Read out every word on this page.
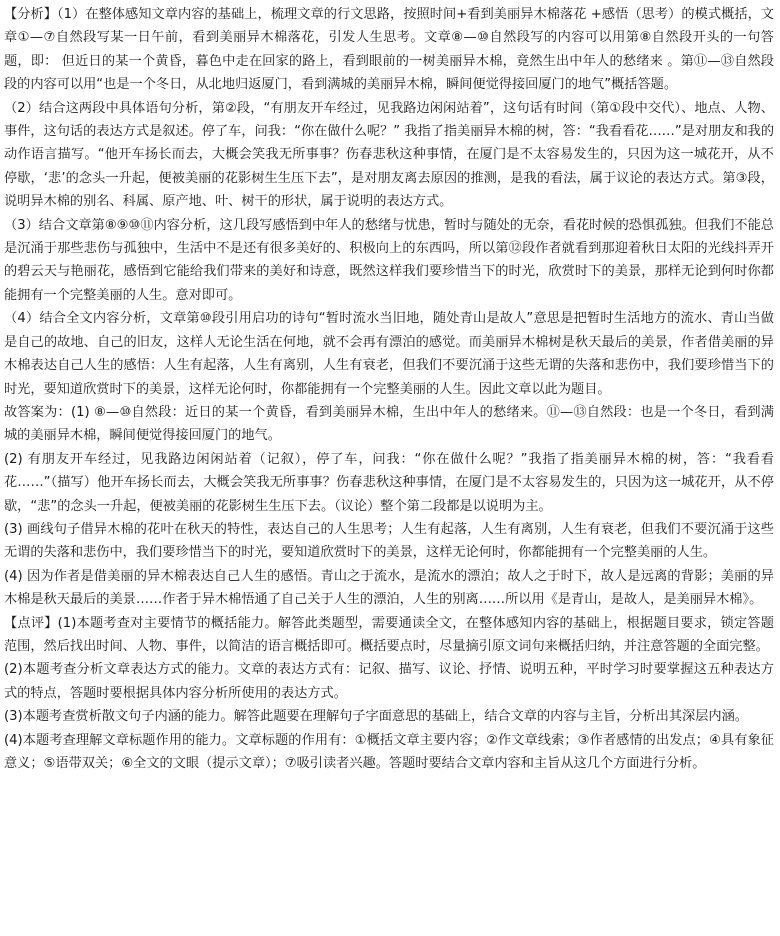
【分析】（1）在整体感知文章内容的基础上，梳理文章的行文思路，按照时间+看到美丽异木棉落花 +感悟（思考）的模式概括，文章①—⑦自然段写某一日午前，看到美丽异木棉落花，引发人生思考。文章⑧—⑩自然段写的内容可以用第⑧自然段开头的一句答题，即： 但近日的某一个黄昏，暮色中走在回家的路上，看到眼前的一树美丽异木棉，竟然生出中年人的愁绪来 。第⑪—⑬自然段段的内容可以用“也是一个冬日，从北地归返厦门，看到满城的美丽异木棉，瞬间便觉得接回厦门的地气”概括答题。

（2）结合这两段中具体语句分析，第②段，“有朋友开车经过，见我路边闲闲站着”，这句话有时间（第①段中交代）、地点、人物、事件，这句话的表达方式是叙述。停了车，问我：“你在做什么呢？” 我指了指美丽异木棉的树，答：“我看看花……”是对朋友和我的动作语言描写。“他开车扬长而去，大概会笑我无所事事？伤春悲秋这种事情，在厦门是不太容易发生的，只因为这一城花开，从不停歇，‘悲’的念头一升起，便被美丽的花影树生生压下去”，是对朋友离去原因的推测，是我的看法，属于议论的表达方式。第③段，说明异木棉的别名、科属、原产地、叶、树干的形状，属于说明的表达方式。

（3）结合文章第⑧⑨⑩⑪内容分析，这几段写感悟到中年人的愁绪与忧患，暂时与随处的无奈，看花时候的恐惧孤独。但我们不能总是沉涌于那些悲伤与孤独中，生活中不是还有很多美好的、积极向上的东西吗，所以第⑫段作者就看到那迎着秋日太阳的光线抖弄开的碧云天与艳丽花，感悟到它能给我们带来的美好和诗意，既然这样我们要珍惜当下的时光，欣赏时下的美景，那样无论到何时你都能拥有一个完整美丽的人生。意对即可。

（4）结合全文内容分析，文章第⑩段引用启功的诗句“暂时流水当旧地，随处青山是故人”意思是把暂时生活地方的流水、青山当做是自己的故地、自己的旧友，这样人无论生活在何地，就不会再有漂泊的感觉。而美丽异木棉树是秋天最后的美景，作者借美丽的异木棉表达自己人生的感悟：人生有起落，人生有离别，人生有衰老，但我们不要沉涌于这些无谓的失落和悲伤中，我们要珍惜当下的时光，要知道欣赏时下的美景，这样无论何时，你都能拥有一个完整美丽的人生。因此文章以此为题目。

故答案为：(1) ⑧—⑩自然段：近日的某一个黄昏，看到美丽异木棉，生出中年人的愁绪来。⑪—⑬自然段：也是一个冬日，看到满城的美丽异木棉，瞬间便觉得接回厦门的地气。

(2) 有朋友开车经过，见我路边闲闲站着（记叙），停了车，问我：“你在做什么呢？”我指了指美丽异木棉的树，答：“我看看花……”（描写）他开车扬长而去，大概会笑我无所事事？伤春悲秋这种事情，在厦门是不太容易发生的，只因为这一城花开，从不停歇，“悲”的念头一升起，便被美丽的花影树生生压下去。（议论）整个第二段都是以说明为主。

(3) 画线句子借异木棉的花叶在秋天的特性，表达自己的人生思考；人生有起落，人生有离别，人生有衰老，但我们不要沉涌于这些无谓的失落和悲伤中，我们要珍惜当下的时光，要知道欣赏时下的美景，这样无论何时，你都能拥有一个完整美丽的人生。

(4) 因为作者是借美丽的异木棉表达自己人生的感悟。青山之于流水，是流水的漂泊；故人之于时下，故人是远离的背影；美丽的异木棉是秋天最后的美景……作者于异木棉悟通了自己关于人生的漂泊，人生的别离……所以用《是青山，是故人，是美丽异木棉》。

【点评】(1)本题考查对主要情节的概括能力。解答此类题型，需要通读全文，在整体感知内容的基础上，根据题目要求，锁定答题范围，然后找出时间、人物、事件，以简洁的语言概括即可。概括要点时，尽量摘引原文词句来概括归纳，并注意答题的全面完整。

(2)本题考查分析文章表达方式的能力。文章的表达方式有：记叙、描写、议论、抒情、说明五种，平时学习时要掌握这五种表达方式的特点，答题时要根据具体内容分析所使用的表达方式。

(3)本题考查赏析散文句子内涵的能力。解答此题要在理解句子字面意思的基础上，结合文章的内容与主旨，分析出其深层内涵。

(4)本题考查理解文章标题作用的能力。文章标题的作用有：①概括文章主要内容；②作文章线索；③作者感情的出发点；④具有象征意义；⑤语带双关；⑥全文的文眼（提示文章）；⑦吸引读者兴趣。答题时要结合文章内容和主旨从这几个方面进行分析。
